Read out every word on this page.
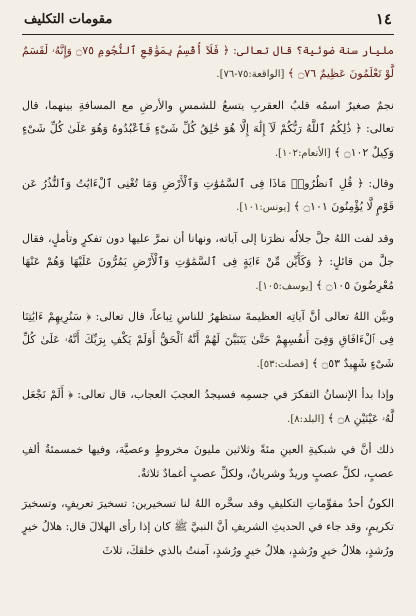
١٤
مقومات التكليف

مليار سنة ضوئية؟ قال تعالى: ﴿ فَلَآ أُقْسِمُ بِمَوَٰقِعِ ٱلنُّجُومِ ۝٧٥ وَإِنَّهُۥ لَقَسَمٌ لَّوْ تَعْلَمُونَ عَظِيمٌ ۝٧٦ ﴾ [الواقعة:٧٥-٧٦].

نجمٌ صغيرٌ اسمُه قلبُ العقربِ يتسعُ للشمسِ والأرضِ مع المسافةِ بينهما، قال تعالى: ﴿ ذَٰلِكُمُ ٱللَّهُ رَبُّكُمْ لَآ إِلَٰهَ إِلَّا هُوَ خَٰلِقُ كُلِّ شَىْءٍ فَٱعْبُدُوهُ وَهُوَ عَلَىٰ كُلِّ شَىْءٍ وَكِيلٌ ۝١٠٢ ﴾ [الأنعام:١٠٢].

وقال: ﴿ قُلِ ٱنظُرُوا۟ مَاذَا فِى ٱلسَّمَٰوَٰتِ وَٱلْأَرْضِ وَمَا تُغْنِى ٱلْءَايَٰتُ وَٱلنُّذُرُ عَن قَوْمٍ لَّا يُؤْمِنُونَ ۝١٠١ ﴾ [يونس:١٠١].

وقد لفت اللهُ جلَّ جلالُه نظرَنا إلى آياته، ونهانا أن نمرَّ عليها دون تفكرٍ وتأملٍ، فقال جلَّ من قائلٍ: ﴿ وَكَأَيِّن مِّنْ ءَايَةٍ فِى ٱلسَّمَٰوَٰتِ وَٱلْأَرْضِ يَمُرُّونَ عَلَيْهَا وَهُمْ عَنْهَا مُعْرِضُونَ ۝١٠٥ ﴾ [يوسف:١٠٥].

وبيَّن اللهُ تعالى أنَّ آياتِه العظيمةَ ستظهرُ للناسِ تِباعاً، قال تعالى: ﴿ سَنُرِيهِمْ ءَايَٰتِنَا فِى ٱلْءَافَاقِ وَفِىٓ أَنفُسِهِمْ حَتَّىٰ يَتَبَيَّنَ لَهُمْ أَنَّهُ ٱلْحَقُّ أَوَلَمْ يَكْفِ بِرَبِّكَ أَنَّهُۥ عَلَىٰ كُلِّ شَىْءٍ شَهِيدٌ ۝٥٣ ﴾ [فصلت:٥٣].

وإذا بدأ الإنسانُ التفكرَ في جسمِه فسيجدُ العجبَ العجاب، قال تعالى: ﴿ أَلَمْ نَجْعَل لَّهُۥ عَيْنَيْنِ ۝٨ ﴾ [البلد:٨].

ذلك أنَّ في شبكيةِ العينِ مئةً وثلاثين مليونَ مخروطٍ وعصيَّة، وفيها خمسمئةُ ألفِ عصبٍ، لكلِّ عصبٍ وريدٌ وشريانٌ، ولكلِّ عصبٍ أغمادٌ ثلاثةٌ.

الكونُ أحدُ مقوِّماتِ التكليفِ وقد سخَّره اللهُ لنا تسخيرين: تسخيرَ تعريفٍ، وتسخيرَ تكريمٍ، وقد جاء في الحديثِ الشريفِ أنَّ النبيَّ ﷺ كان إذا رأى الهلالَ قال: هلالُ خيرٍ ورُشدٍ، هلالُ خيرٍ ورُشدٍ، هلالُ خيرٍ ورُشدٍ، آمنتُ بالذي خلقكَ، ثلاثَ
